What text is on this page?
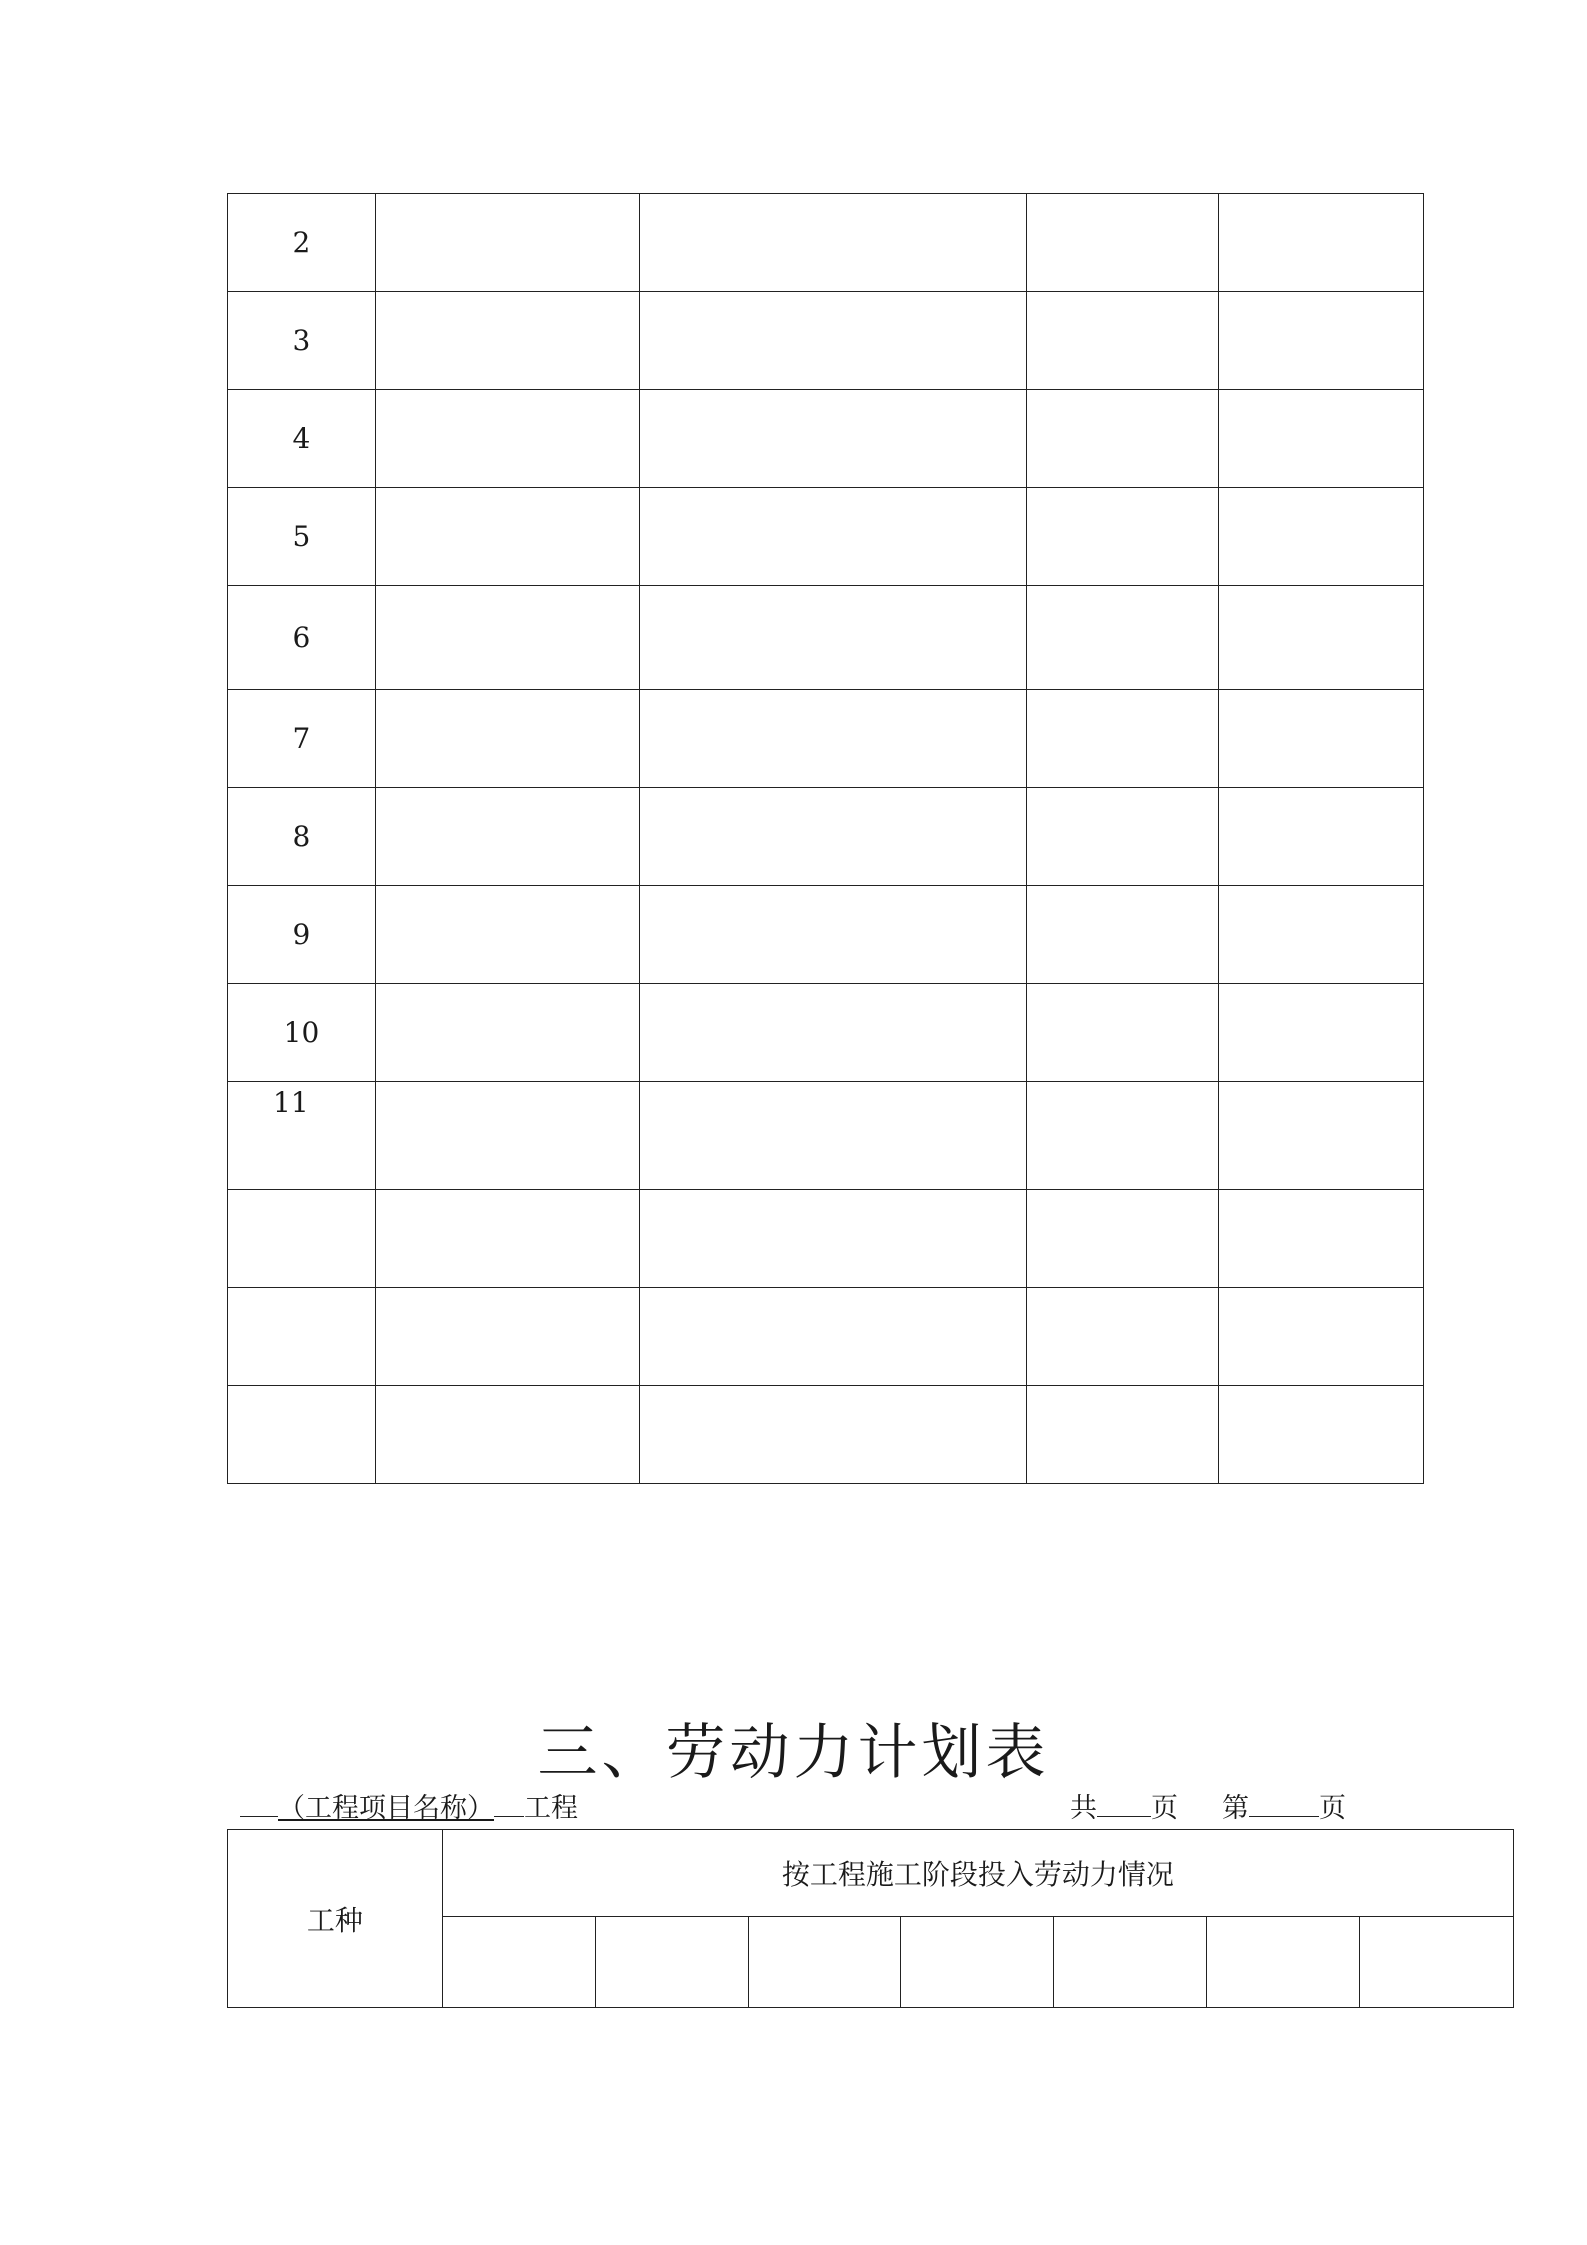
2				
3				
4				
5				
6				
7				
8				
9				
10				
11				

三、劳动力计划表
（工程项目名称） 工程	共 页 第	页
工种	按工程施工阶段投入劳动力情况						
